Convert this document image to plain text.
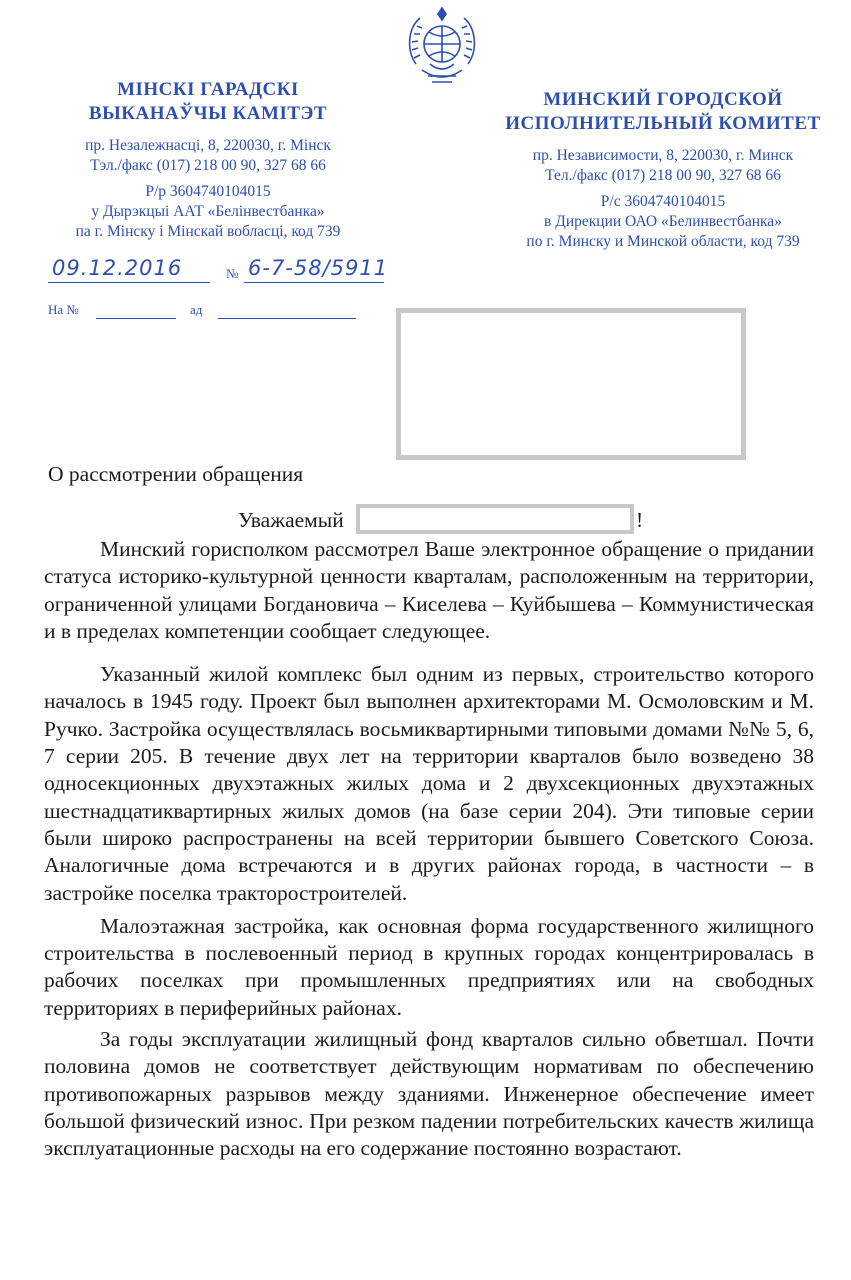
МІНСКІ ГАРАДСКІ
ВЫКАНАЎЧЫ КАМІТЭТ
пр. Незалежнасці, 8, 220030, г. Мінск
Тэл./факс (017) 218 00 90, 327 68 66
Р/р 3604740104015
у Дырэкцыі ААТ «Белінвестбанка»
па г. Мінску і Мінскай вобласці, код 739
МИНСКИЙ ГОРОДСКОЙ
ИСПОЛНИТЕЛЬНЫЙ КОМИТЕТ
пр. Независимости, 8, 220030, г. Минск
Тел./факс (017) 218 00 90, 327 68 66
Р/с 3604740104015
в Дирекции ОАО «Белинвестбанка»
по г. Минску и Минской области, код 739
09.12.2016	№ 6-7-58/5911
На №	ад
О рассмотрении обращения
Уважаемый	!

Минский горисполком рассмотрел Ваше электронное обращение о придании статуса историко-культурной ценности кварталам, расположенным на территории, ограниченной улицами Богдановича – Киселева – Куйбышева – Коммунистическая и в пределах компетенции сообщает следующее.

Указанный жилой комплекс был одним из первых, строительство которого началось в 1945 году. Проект был выполнен архитекторами М. Осмоловским и М. Ручко. Застройка осуществлялась восьмиквартирными типовыми домами №№ 5, 6, 7 серии 205. В течение двух лет на территории кварталов было возведено 38 односекционных двухэтажных жилых дома и 2 двухсекционных двухэтажных шестнадцатиквартирных жилых домов (на базе серии 204). Эти типовые серии были широко распространены на всей территории бывшего Советского Союза. Аналогичные дома встречаются и в других районах города, в частности – в застройке поселка тракторостроителей.

Малоэтажная застройка, как основная форма государственного жилищного строительства в послевоенный период в крупных городах концентрировалась в рабочих поселках при промышленных предприятиях или на свободных территориях в периферийных районах.

За годы эксплуатации жилищный фонд кварталов сильно обветшал. Почти половина домов не соответствует действующим нормативам по обеспечению противопожарных разрывов между зданиями. Инженерное обеспечение имеет большой физический износ. При резком падении потребительских качеств жилища эксплуатационные расходы на его содержание постоянно возрастают.
